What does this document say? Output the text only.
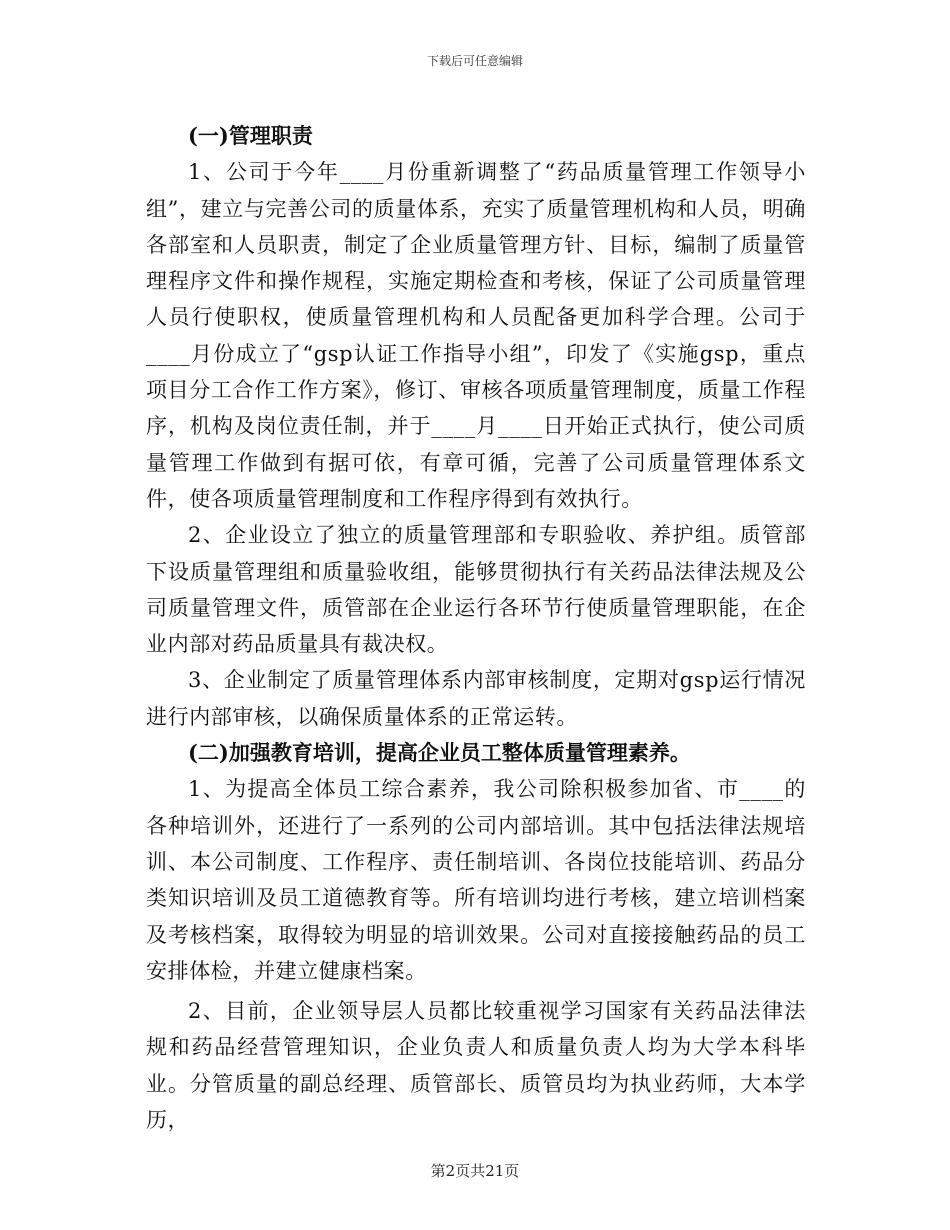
下载后可任意编辑

(一)管理职责

1、公司于今年____月份重新调整了“药品质量管理工作领导小组”，建立与完善公司的质量体系，充实了质量管理机构和人员，明确各部室和人员职责，制定了企业质量管理方针、目标，编制了质量管理程序文件和操作规程，实施定期检查和考核，保证了公司质量管理人员行使职权，使质量管理机构和人员配备更加科学合理。公司于____月份成立了“gsp认证工作指导小组”，印发了《实施gsp，重点项目分工合作工作方案》，修订、审核各项质量管理制度，质量工作程序，机构及岗位责任制，并于____月____日开始正式执行，使公司质量管理工作做到有据可依，有章可循，完善了公司质量管理体系文件，使各项质量管理制度和工作程序得到有效执行。

2、企业设立了独立的质量管理部和专职验收、养护组。质管部下设质量管理组和质量验收组，能够贯彻执行有关药品法律法规及公司质量管理文件，质管部在企业运行各环节行使质量管理职能，在企业内部对药品质量具有裁决权。

3、企业制定了质量管理体系内部审核制度，定期对gsp运行情况进行内部审核，以确保质量体系的正常运转。

(二)加强教育培训，提高企业员工整体质量管理素养。

1、为提高全体员工综合素养，我公司除积极参加省、市____的各种培训外，还进行了一系列的公司内部培训。其中包括法律法规培训、本公司制度、工作程序、责任制培训、各岗位技能培训、药品分类知识培训及员工道德教育等。所有培训均进行考核，建立培训档案及考核档案，取得较为明显的培训效果。公司对直接接触药品的员工安排体检，并建立健康档案。

2、目前，企业领导层人员都比较重视学习国家有关药品法律法规和药品经营管理知识，企业负责人和质量负责人均为大学本科毕业。分管质量的副总经理、质管部长、质管员均为执业药师，大本学历，

第2页共21页
